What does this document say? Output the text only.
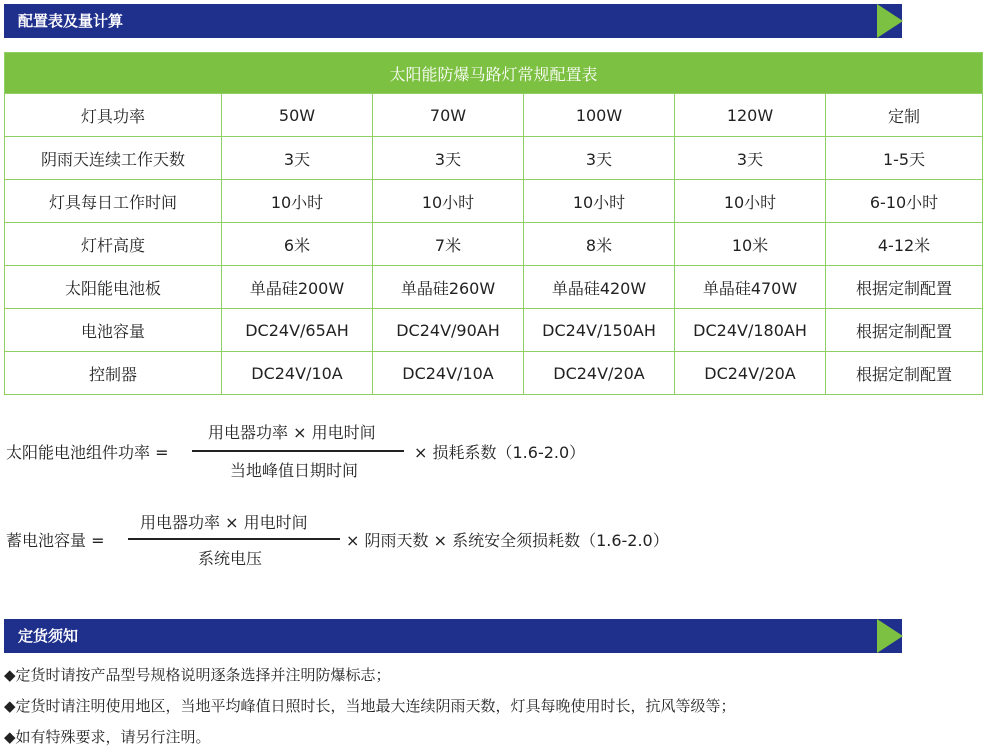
配置表及量计算
太阳能防爆马路灯常规配置表					
灯具功率	50W	70W	100W	120W	定制
阴雨天连续工作天数	3天	3天	3天	3天	1-5天
灯具每日工作时间	10小时	10小时	10小时	10小时	6-10小时
灯杆高度	6米	7米	8米	10米	4-12米
太阳能电池板	单晶硅200W	单晶硅260W	单晶硅420W	单晶硅470W	根据定制配置
电池容量	DC24V/65AH	DC24V/90AH	DC24V/150AH	DC24V/180AH	根据定制配置
控制器	DC24V/10A	DC24V/10A	DC24V/20A	DC24V/20A	根据定制配置
太阳能电池组件功率 =
用电器功率 × 用电时间
当地峰值日期时间
× 损耗系数（1.6-2.0）
蓄电池容量 =
用电器功率 × 用电时间
系统电压
× 阴雨天数 × 系统安全须损耗数（1.6-2.0）
定货须知
◆定货时请按产品型号规格说明逐条选择并注明防爆标志；
◆定货时请注明使用地区，当地平均峰值日照时长，当地最大连续阴雨天数，灯具每晚使用时长，抗风等级等；
◆如有特殊要求，请另行注明。
